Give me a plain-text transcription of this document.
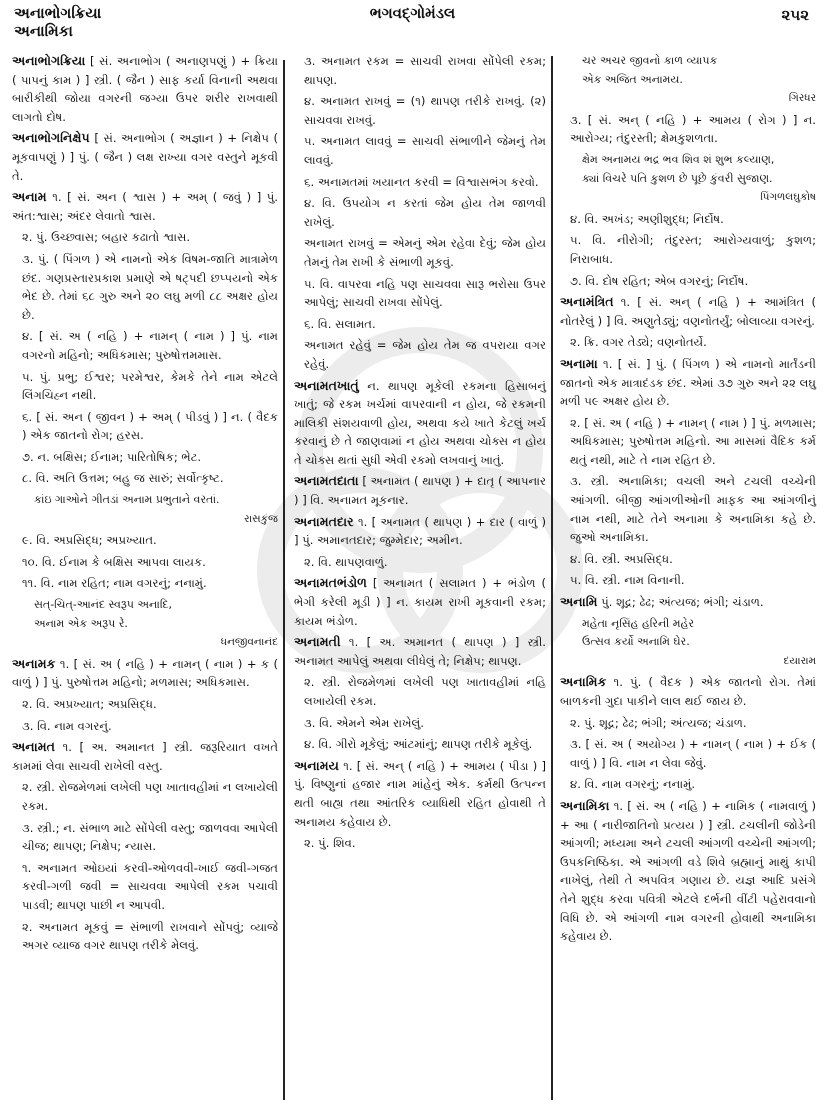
અનાભોગક્રિયા
અનામિકા
ભગવદ્ગોમંડલ	૨૫૨
અનાભોગક્રિયા [ સં. અનાભોગ ( અનાણપણું ) + ક્રિયા ( પાપનું કામ ) ] સ્ત્રી. ( જૈન ) સાફ કર્યા વિનાની અથવા બારીકીથી જોયા વગરની જગ્યા ઉપર શરીર રાખવાથી લાગતો દોષ.
અનાભોગનિક્ષેપ [ સં. અનાભોગ ( અજ્ઞાન ) + નિક્ષેપ ( મૂકવાપણું ) ] પું. ( જૈન ) લક્ષ રાખ્યા વગર વસ્તુને મૂકવી તે.
અનામ ૧. [ સં. અન ( શ્વાસ ) + અમ્ ( જવું ) ] પું. અંત:શ્વાસ; અંદર લેવાતો શ્વાસ.
૨. પું. ઉચ્છ્વાસ; બહાર કઢાતો શ્વાસ.
૩. પું. ( પિંગળ ) એ નામનો એક વિષમ-જાતિ માત્રામેળ છંદ. ગણપ્રસ્તારપ્રકાશ પ્રમાણે એ ષટ્પદી છપ્પયનો એક ભેદ છે. તેમાં ૬૮ ગુરુ અને ૨૦ લઘુ મળી ૮૮ અક્ષર હોય છે.
૪. [ સં. અ ( નહિ ) + નામન્ ( નામ ) ] પું. નામ વગરનો મહિનો; અધિકમાસ; પુરુષોત્તમમાસ.
૫. પું. પ્રભુ; ઈશ્વર; પરમેશ્વર, કેમકે તેને નામ એટલે લિંગચિહ્ન નથી.
૬. [ સં. અન ( જીવન ) + અમ્ ( પીડવું ) ] ન. ( વૈદક ) એક જાતનો રોગ; હરસ.
૭. ન. બક્ષિસ; ઈનામ; પારિતોષિક; ભેટ.
૮. વિ. અતિ ઉત્તમ; બહુ જ સારું; સર્વોત્કૃષ્ટ.
કાંઇ ગાઓને ગીતડાં અનામ પ્રભુતાને વરતાં.
રાસકુંજ
૯. વિ. અપ્રસિદ્ધ; અપ્રખ્યાત.
૧૦. વિ. ઈનામ કે બક્ષિસ આપવા લાયક.
૧૧. વિ. નામ રહિત; નામ વગરનું; નનામું.
સત્-ચિત્-આનંદ સ્વરૂપ અનાદિ,
અનામ એક અરૂપ રે.
ધનજીવનાનંદ
અનામક ૧. [ સં. અ ( નહિ ) + નામન્ ( નામ ) + ક ( વાળું ) ] પું. પુરુષોત્તમ મહિનો; મળમાસ; અધિકમાસ.
૨. વિ. અપ્રખ્યાત; અપ્રસિદ્ધ.
૩. વિ. નામ વગરનું.
અનામત ૧. [ અ. અમાનત ] સ્ત્રી. જરૂરિયાત વખતે કામમાં લેવા સાચવી રાખેલી વસ્તુ.
૨. સ્ત્રી. રોજમેળમાં લખેલી પણ ખાતાવહીમાં ન લખાયેલી રકમ.
૩. સ્ત્રી.; ન. સંભાળ માટે સોંપેલી વસ્તુ; જાળવવા આપેલી ચીજ; થાપણ; નિક્ષેપ; ન્યાસ.
૧. અનામત ઓઇયાં કરવી-ઓળવવી-ખાઈ જવી-ગજત કરવી-ગળી જવી = સાચવવા આપેલી રકમ પચાવી પાડવી; થાપણ પાછી ન આપવી.
૨. અનામત મૂકવું = સંભાળી રાખવાને સોંપવું; વ્યાજે અગર વ્યાજ વગર થાપણ તરીકે મેલવું.
૩. અનામત રકમ = સાચવી રાખવા સોંપેલી રકમ; થાપણ.
૪. અનામત રાખવું = (૧) થાપણ તરીકે રાખવું. (૨) સાચવવા રાખવું.
૫. અનામત લાવવું = સાચવી સંભાળીને જેમનું તેમ લાવવું.
૬. અનામતમાં ખયાનત કરવી = વિશ્વાસભંગ કરવો.
૪. વિ. ઉપયોગ ન કરતાં જેમ હોય તેમ જાળવી રાખેલું.
અનામત રાખવું = એમનું એમ રહેવા દેવું; જેમ હોય તેમનું તેમ રાખી કે સંભાળી મૂકવું.
૫. વિ. વાપરવા નહિ પણ સાચવવા સારૂ ભરોસા ઉપર આપેલું; સાચવી રાખવા સોંપેલું.
૬. વિ. સલામત.
અનામત રહેવું = જેમ હોય તેમ જ વપરાયા વગર રહેવું.
અનામતખાતું ન. થાપણ મૂકેલી રકમના હિસાબનું ખાતું; જે રકમ ખર્ચમાં વાપરવાની ન હોય, જે રકમની માલિકી સંશયવાળી હોય, અથવા કયે ખાતે કેટલું ખર્ચ કરવાનું છે તે જાણવામાં ન હોય અથવા ચોક્સ ન હોય તે ચોક્સ થતાં સુધી એવી રકમો લખવાનું ખાતું.
અનામતદાતા [ અનામત ( થાપણ ) + દાતૃ ( આપનાર ) ] વિ. અનામત મૂકનાર.
અનામતદાર ૧. [ અનામત ( થાપણ ) + દાર ( વાળું ) ] પું. અમાનતદાર; જુમ્મેદાર; અમીન.
૨. વિ. થાપણવાળું.
અનામતભંડોળ [ અનામત ( સલામત ) + ભંડોળ ( ભેગી કરેલી મૂડી ) ] ન. કાયમ રાખી મૂકવાની રકમ; કાયમ ભંડોળ.
અનામતી ૧. [ અ. અમાનત ( થાપણ ) ] સ્ત્રી. અનામત આપેલું અથવા લીધેલું તે; નિક્ષેપ; થાપણ.
૨. સ્ત્રી. રોજમેળમાં લખેલી પણ ખાતાવહીમાં નહિ લખાયેલી રકમ.
૩. વિ. એમને એમ રાખેલું.
૪. વિ. ગીરો મૂકેલું; આંટમાંનું; થાપણ તરીકે મૂકેલું.
અનામય ૧. [ સં. અન્ ( નહિ ) + આમય ( પીડા ) ] પું. વિષ્ણુનાં હજાર નામ માંહેનું એક. કર્મથી ઉત્પન્ન થતી બાહ્ય તથા આંતરિક વ્યાધિથી રહિત હોવાથી તે અનામય કહેવાય છે.
૨. પું. શિવ.
ચર અચર જીવનો કાળ વ્યાપક
એક અજિત અનામય.
ગિરધર
૩. [ સં. અન્ ( નહિ ) + આમય ( રોગ ) ] ન. આરોગ્ય; તંદુરસ્તી; ક્ષેમકુશળતા.
ક્ષેમ અનામય ભદ્ર ભવ શિવ શં શુભ કલ્યાણ,
ક્યાં વિચરે પતિ કુશળ છે પૂછે કુંવરી સુજાણ.
પિંગળલઘુકોષ
૪. વિ. અખંડ; અણીશુદ્ધ; નિર્દોષ.
૫. વિ. નીરોગી; તંદુરસ્ત; આરોગ્યવાળું; કુશળ; નિરાબાધ.
૭. વિ. દોષ રહિત; એબ વગરનું; નિર્દોષ.
અનામંત્રિત ૧. [ સં. અન્ ( નહિ ) + આમંત્રિત ( નોતરેલું ) ] વિ. અણુતેડ્યું; વણનોતર્યું; બોલાવ્યા વગરનું.
૨. ક્રિ. વગર તેડ્યે; વણનોતર્યે.
અનામા ૧. [ સં. ] પું. ( પિંગળ ) એ નામનો માર્તંડની જાતનો એક માત્રાદંડક છંદ. એમાં ૩૭ ગુરુ અને ૨૨ લઘુ મળી ૫૯ અક્ષર હોય છે.
૨. [ સં. અ ( નહિ ) + નામન્ ( નામ ) ] પું. મળમાસ; અધિકમાસ; પુરુષોત્તમ મહિનો. આ માસમાં વૈદિક કર્મ થતું નથી, માટે તે નામ રહિત છે.
૩. સ્ત્રી. અનામિકા; વચલી અને ટચલી વચ્ચેની આંગળી. બીજી આંગળીઓની માફક આ આંગળીનું નામ નથી, માટે તેને અનામા કે અનામિકા કહે છે. જુઓ અનામિકા.
૪. વિ. સ્ત્રી. અપ્રસિદ્ધ.
૫. વિ. સ્ત્રી. નામ વિનાની.
અનામિ પું. શૂદ્ર; ઢેઢ; અંત્યજ; ભંગી; ચંડાળ.
મહેતા નૃસિંહ હરિની મહેર
ઉત્સવ કર્યો અનામિ ઘેર.
દયારામ
અનામિક ૧. પું. ( વૈદક ) એક જાતનો રોગ. તેમાં બાળકની ગુદા પાકીને લાલ થઈ જાય છે.
૨. પું. શૂદ્ર; ઢેઢ; ભંગી; અંત્યજ; ચંડાળ.
૩. [ સં. અ ( અયોગ્ય ) + નામન્ ( નામ ) + ઈક ( વાળું ) ] વિ. નામ ન લેવા જેવું.
૪. વિ. નામ વગરનું; નનામું.
અનામિકા ૧. [ સં. અ ( નહિ ) + નામિક ( નામવાળું ) + આ ( નારીજાતિનો પ્રત્યય ) ] સ્ત્રી. ટચલીની જોડેની આંગળી; મધ્યમા અને ટચલી આંગળી વચ્ચેની આંગળી; ઉપકનિષ્ઠિકા. એ આંગળી વડે શિવે બ્રહ્માનું માથું કાપી નાખેલું, તેથી તે અપવિત્ર ગણાય છે. યજ્ઞ આદિ પ્રસંગે તેને શુદ્ધ કરવા પવિત્રી એટલે દર્ભની વીંટી પહેરાવવાનો વિધિ છે. એ આંગળી નામ વગરની હોવાથી અનામિકા કહેવાય છે.
